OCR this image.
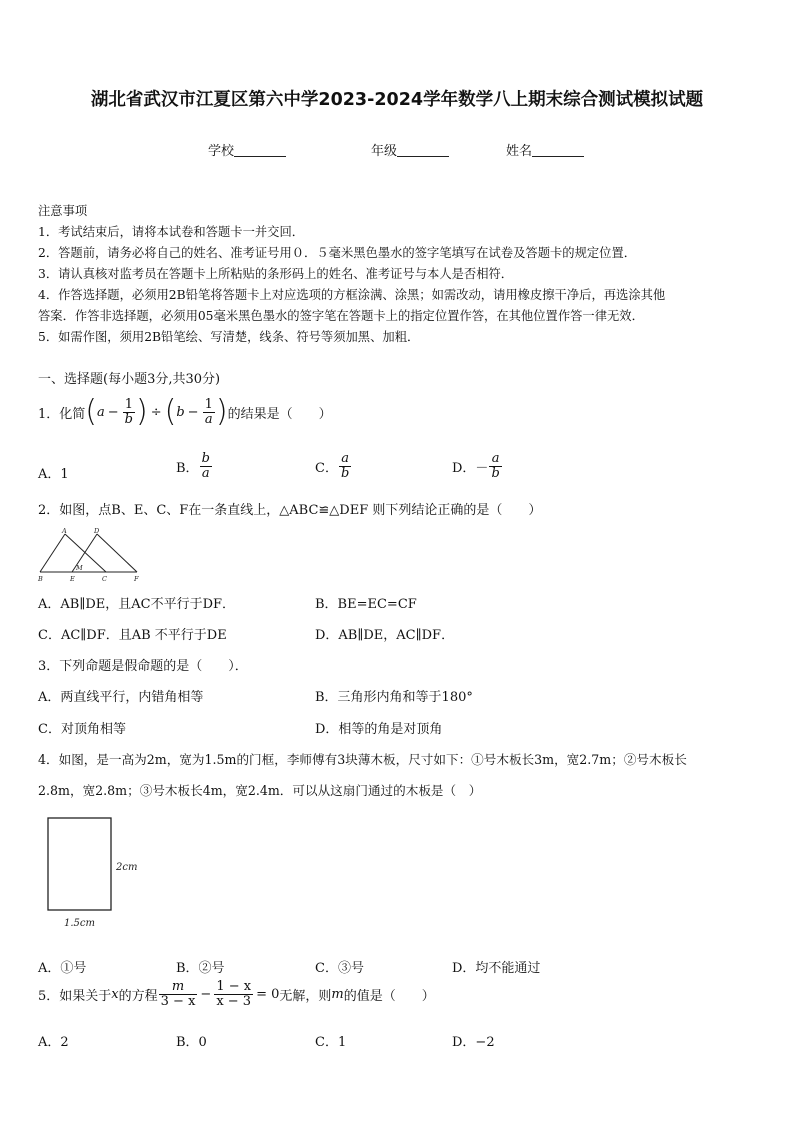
湖北省武汉市江夏区第六中学2023-2024学年数学八上期末综合测试模拟试题
学校	年级	姓名
注意事项
1．考试结束后，请将本试卷和答题卡一并交回．
2．答题前，请务必将自己的姓名、准考证号用０．５毫米黑色墨水的签字笔填写在试卷及答题卡的规定位置．
3．请认真核对监考员在答题卡上所粘贴的条形码上的姓名、准考证号与本人是否相符．
4．作答选择题，必须用2B铅笔将答题卡上对应选项的方框涂满、涂黑；如需改动，请用橡皮擦干净后，再选涂其他
答案．作答非选择题，必须用05毫米黑色墨水的签字笔在答题卡上的指定位置作答，在其他位置作答一律无效．
5．如需作图，须用2B铅笔绘、写清楚，线条、符号等须加黑、加粗．
一、选择题(每小题3分,共30分)
1．化简 ( $a - \frac{1}{b}$ ) ÷ ( $b - \frac{1}{a}$ ) 的结果是（　　）
A．1	B． $\frac{b}{a}$	C． $\frac{a}{b}$	D．－ $\frac{a}{b}$
2．如图，点B、E、C、F在一条直线上，△ABC≌△DEF 则下列结论正确的是（　　）
A	D
B	E
M
C	F
A．AB∥DE，且AC不平行于DF．	B．BE=EC=CF
C．AC∥DF．且AB 不平行于DE	D．AB∥DE，AC∥DF．
3．下列命题是假命题的是（　　）．
A．两直线平行，内错角相等	B．三角形内角和等于180°
C．对顶角相等	D．相等的角是对顶角
4．如图，是一高为2m，宽为1.5m的门框，李师傅有3块薄木板，尺寸如下：①号木板长3m，宽2.7m；②号木板长
2.8m，宽2.8m；③号木板长4m，宽2.4m．可以从这扇门通过的木板是（　）
2cm
1.5cm
A．①号	B．②号	C．③号	D．均不能通过
5．如果关于 x 的方程 $\frac{m}{3 - x} - \frac{1 - x}{x - 3} = 0$ 无解，则 m 的值是（　　）
A．2	B．0	C．1	D．−2
